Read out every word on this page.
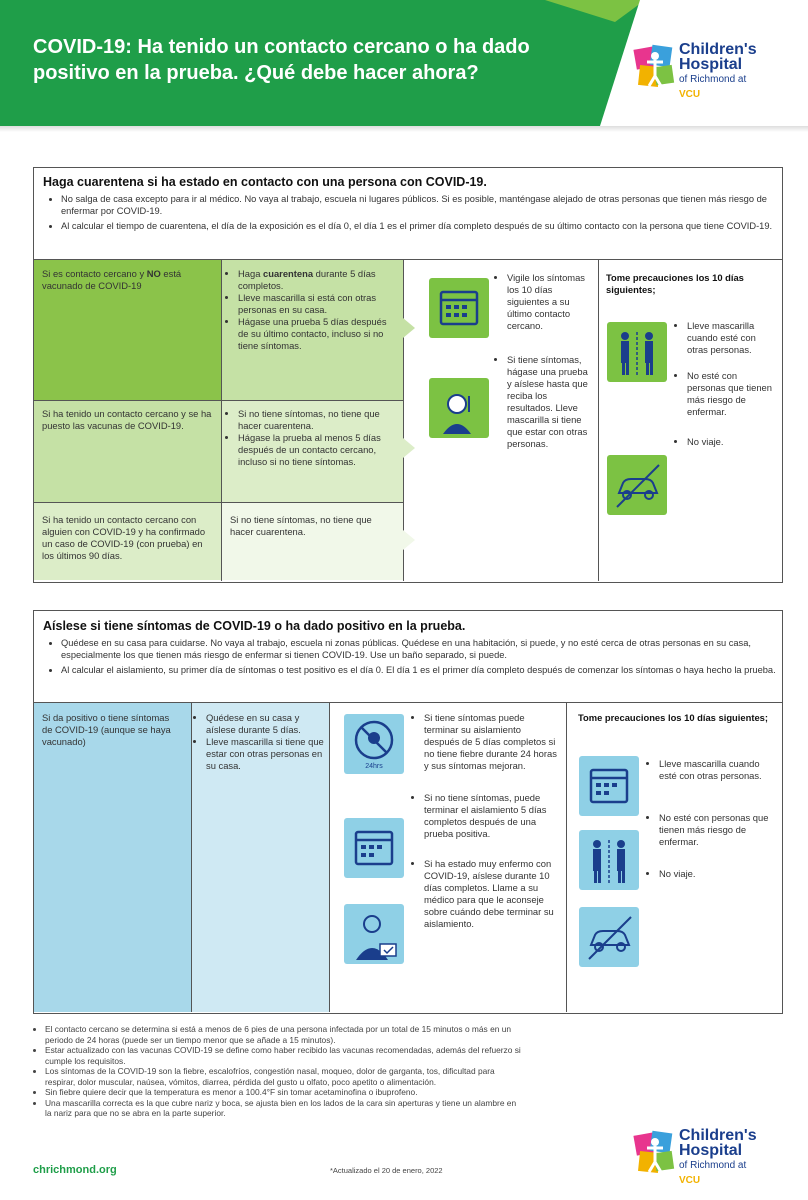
COVID-19: Ha tenido un contacto cercano o ha dado positivo en la prueba. ¿Qué debe hacer ahora?
Children's
Hospital
of Richmond at VCU
Haga cuarentena si ha estado en contacto con una persona con COVID-19.
• No salga de casa excepto para ir al médico. No vaya al trabajo, escuela ni lugares públicos. Si es posible, manténgase alejado de otras personas que tienen más riesgo de enfermar por COVID-19.
• Al calcular el tiempo de cuarentena, el día de la exposición es el día 0, el día 1 es el primer día completo después de su último contacto con la persona que tiene COVID-19.
Si es contacto cercano y NO está vacunado de COVID-19
• Haga cuarentena durante 5 días completos.
• Lleve mascarilla si está con otras personas en su casa.
• Hágase una prueba 5 días después de su último contacto, incluso si no tiene síntomas.
Si ha tenido un contacto cercano y se ha puesto las vacunas de COVID-19.
• Si no tiene síntomas, no tiene que hacer cuarentena.
• Hágase la prueba al menos 5 días después de un contacto cercano, incluso si no tiene síntomas.
Si ha tenido un contacto cercano con alguien con COVID-19 y ha confirmado un caso de COVID-19 (con prueba) en los últimos 90 días.
Si no tiene síntomas, no tiene que hacer cuarentena.
• Vigile los síntomas los 10 días siguientes a su último contacto cercano.
• Si tiene síntomas, hágase una prueba y aíslese hasta que reciba los resultados. Lleve mascarilla si tiene que estar con otras personas.
Tome precauciones los 10 días siguientes;
• Lleve mascarilla cuando esté con otras personas.
• No esté con personas que tienen más riesgo de enfermar.
• No viaje.
Aíslese si tiene síntomas de COVID-19 o ha dado positivo en la prueba.
• Quédese en su casa para cuidarse. No vaya al trabajo, escuela ni zonas públicas. Quédese en una habitación, si puede, y no esté cerca de otras personas en su casa, especialmente los que tienen más riesgo de enfermar si tienen COVID-19. Use un baño separado, si puede.
• Al calcular el aislamiento, su primer día de síntomas o test positivo es el día 0. El día 1 es el primer día completo después de comenzar los síntomas o haya hecho la prueba.
Si da positivo o tiene síntomas de COVID-19 (aunque se haya vacunado)
• Quédese en su casa y aíslese durante 5 días.
• Lleve mascarilla si tiene que estar con otras personas en su casa.	24hrs
• Si tiene síntomas puede terminar su aislamiento después de 5 días completos si no tiene fiebre durante 24 horas y sus síntomas mejoran.
• Si no tiene síntomas, puede terminar el aislamiento 5 días completos después de una prueba positiva.
• Si ha estado muy enfermo con COVID-19, aíslese durante 10 días completos. Llame a su médico para que le aconseje sobre cuándo debe terminar su aislamiento.
Tome precauciones los 10 días siguientes;
• Lleve mascarilla cuando esté con otras personas.
• No esté con personas que tienen más riesgo de enfermar.
• No viaje.
• El contacto cercano se determina si está a menos de 6 pies de una persona infectada por un total de 15 minutos o más en un periodo de 24 horas (puede ser un tiempo menor que se añade a 15 minutos).
• Estar actualizado con las vacunas COVID-19 se define como haber recibido las vacunas recomendadas, además del refuerzo si cumple los requisitos.
• Los síntomas de la COVID-19 son la fiebre, escalofríos, congestión nasal, moqueo, dolor de garganta, tos, dificultad para respirar, dolor muscular, naúsea, vómitos, diarrea, pérdida del gusto u olfato, poco apetito o alimentación.
• Sin fiebre quiere decir que la temperatura es menor a 100.4°F sin tomar acetaminofina o ibuprofeno.
• Una mascarilla correcta es la que cubre nariz y boca, se ajusta bien en los lados de la cara sin aperturas y tiene un alambre en la nariz para que no se abra en la parte superior.
chrichmond.org	*Actualizado el 20 de enero, 2022
Children's
Hospital
of Richmond at VCU
